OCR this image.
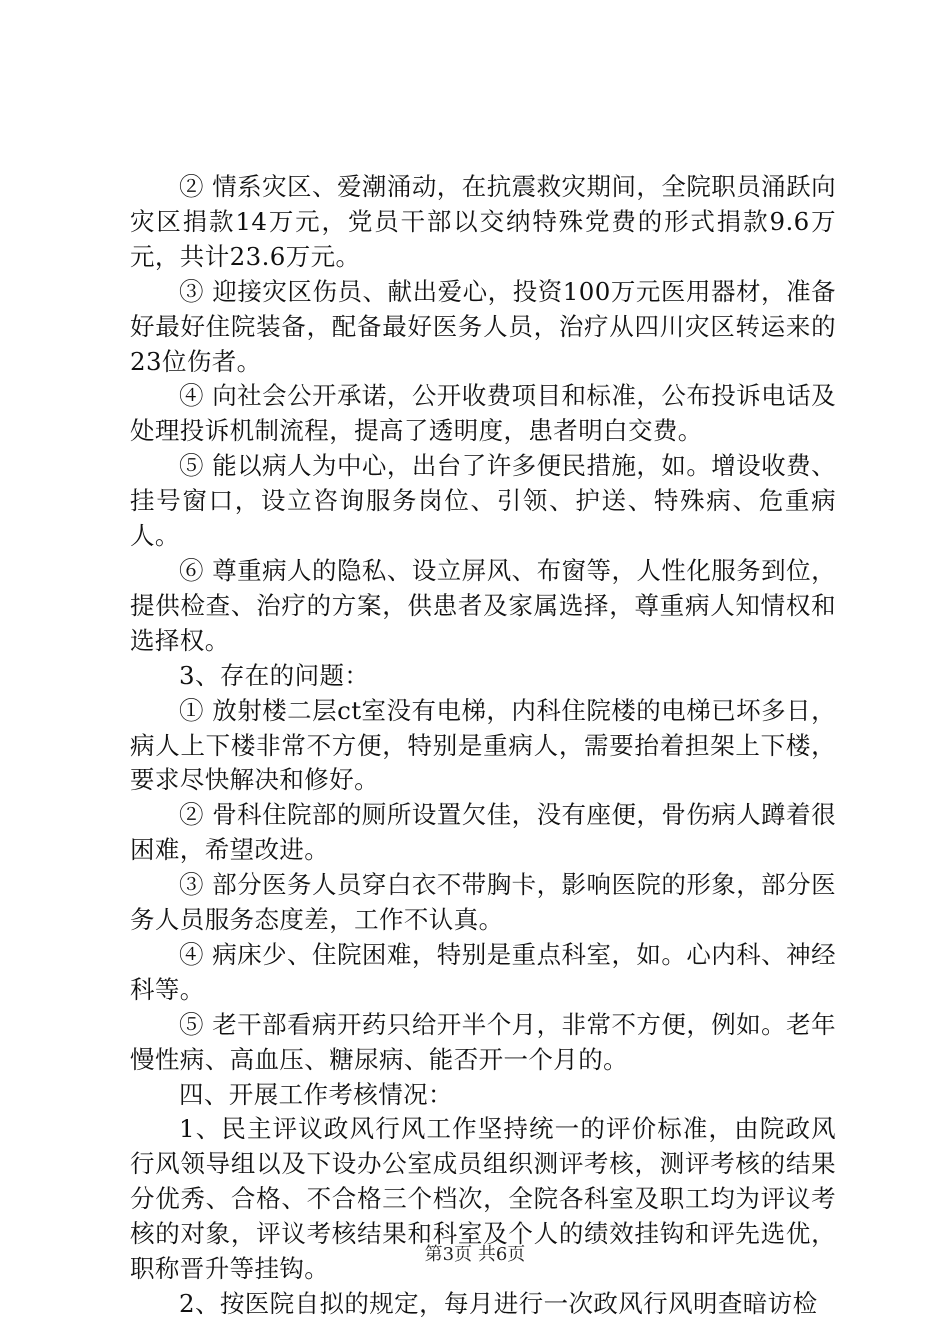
② 情系灾区、爱潮涌动，在抗震救灾期间，全院职员涌跃向灾区捐款14万元，党员干部以交纳特殊党费的形式捐款9.6万元，共计23.6万元。

③ 迎接灾区伤员、献出爱心，投资100万元医用器材，准备好最好住院装备，配备最好医务人员，治疗从四川灾区转运来的23位伤者。

④ 向社会公开承诺，公开收费项目和标准，公布投诉电话及处理投诉机制流程，提高了透明度，患者明白交费。

⑤ 能以病人为中心，出台了许多便民措施，如。增设收费、挂号窗口，设立咨询服务岗位、引领、护送、特殊病、危重病人。

⑥ 尊重病人的隐私、设立屏风、布窗等，人性化服务到位，提供检查、治疗的方案，供患者及家属选择，尊重病人知情权和选择权。

3、存在的问题：

① 放射楼二层ct室没有电梯，内科住院楼的电梯已坏多日，病人上下楼非常不方便，特别是重病人，需要抬着担架上下楼，要求尽快解决和修好。

② 骨科住院部的厕所设置欠佳，没有座便，骨伤病人蹲着很困难，希望改进。

③ 部分医务人员穿白衣不带胸卡，影响医院的形象，部分医务人员服务态度差，工作不认真。

④ 病床少、住院困难，特别是重点科室，如。心内科、神经科等。

⑤ 老干部看病开药只给开半个月，非常不方便，例如。老年慢性病、高血压、糖尿病、能否开一个月的。

四、开展工作考核情况：

1、民主评议政风行风工作坚持统一的评价标准，由院政风行风领导组以及下设办公室成员组织测评考核，测评考核的结果分优秀、合格、不合格三个档次，全院各科室及职工均为评议考核的对象，评议考核结果和科室及个人的绩效挂钩和评先选优，职称晋升等挂钩。

2、按医院自拟的规定，每月进行一次政风行风明查暗访检

第3页 共6页
